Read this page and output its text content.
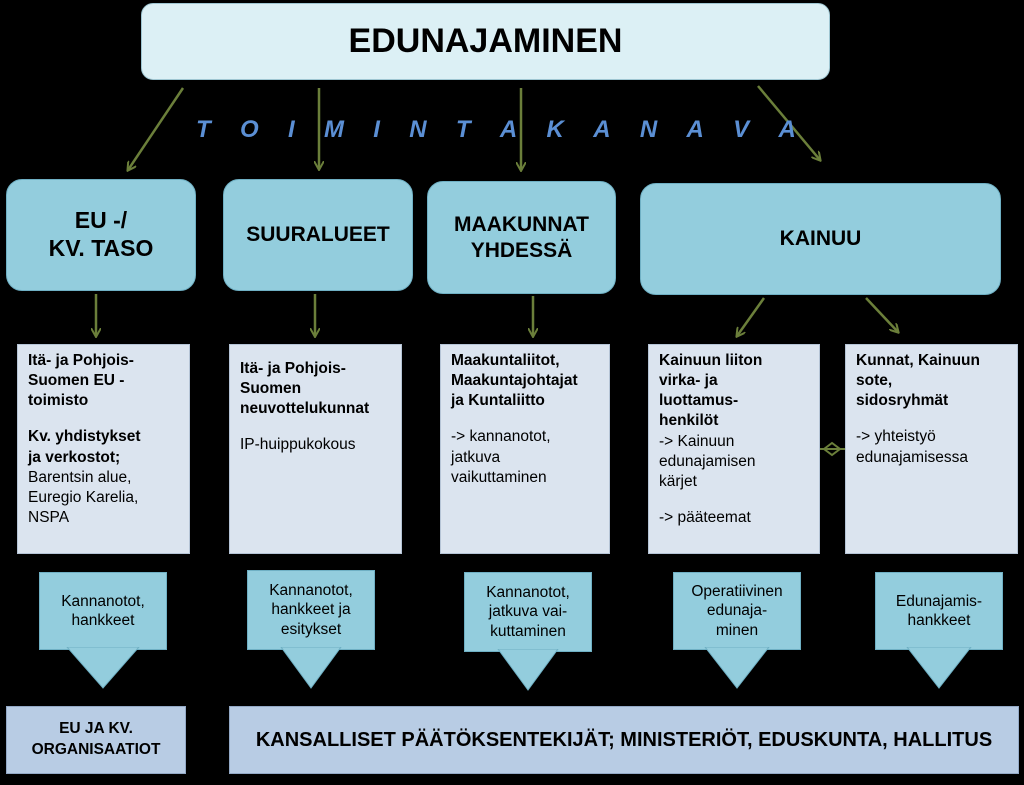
EDUNAJAMINEN
T O I M I N T A K A N A V A
EU -/
KV. TASO
SUURALUEET	MAAKUNNAT
YHDESSÄ	KAINUU
Itä- ja Pohjois-
Suomen EU -
toimisto
Kv. yhdistykset
ja verkostot;
Barentsin alue,
Euregio Karelia,
NSPA
Itä- ja Pohjois-
Suomen
neuvottelukunnat
IP-huippukokous
Maakuntaliitot,
Maakuntajohtajat
ja Kuntaliitto
-> kannanotot,
jatkuva
vaikuttaminen
Kainuun liiton
virka- ja
luottamus-
henkilöt
-> Kainuun
edunajamisen
kärjet
-> pääteemat
Kunnat, Kainuun
sote,
sidosryhmät
-> yhteistyö
edunajamisessa
Kannanotot,
hankkeet
Kannanotot,
hankkeet ja
esitykset
Kannanotot,
jatkuva vai-
kuttaminen
Operatiivinen
edunaja-
minen
Edunajamis-
hankkeet
EU JA KV.
ORGANISAATIOT	KANSALLISET PÄÄTÖKSENTEKIJÄT; MINISTERIÖT, EDUSKUNTA, HALLITUS
